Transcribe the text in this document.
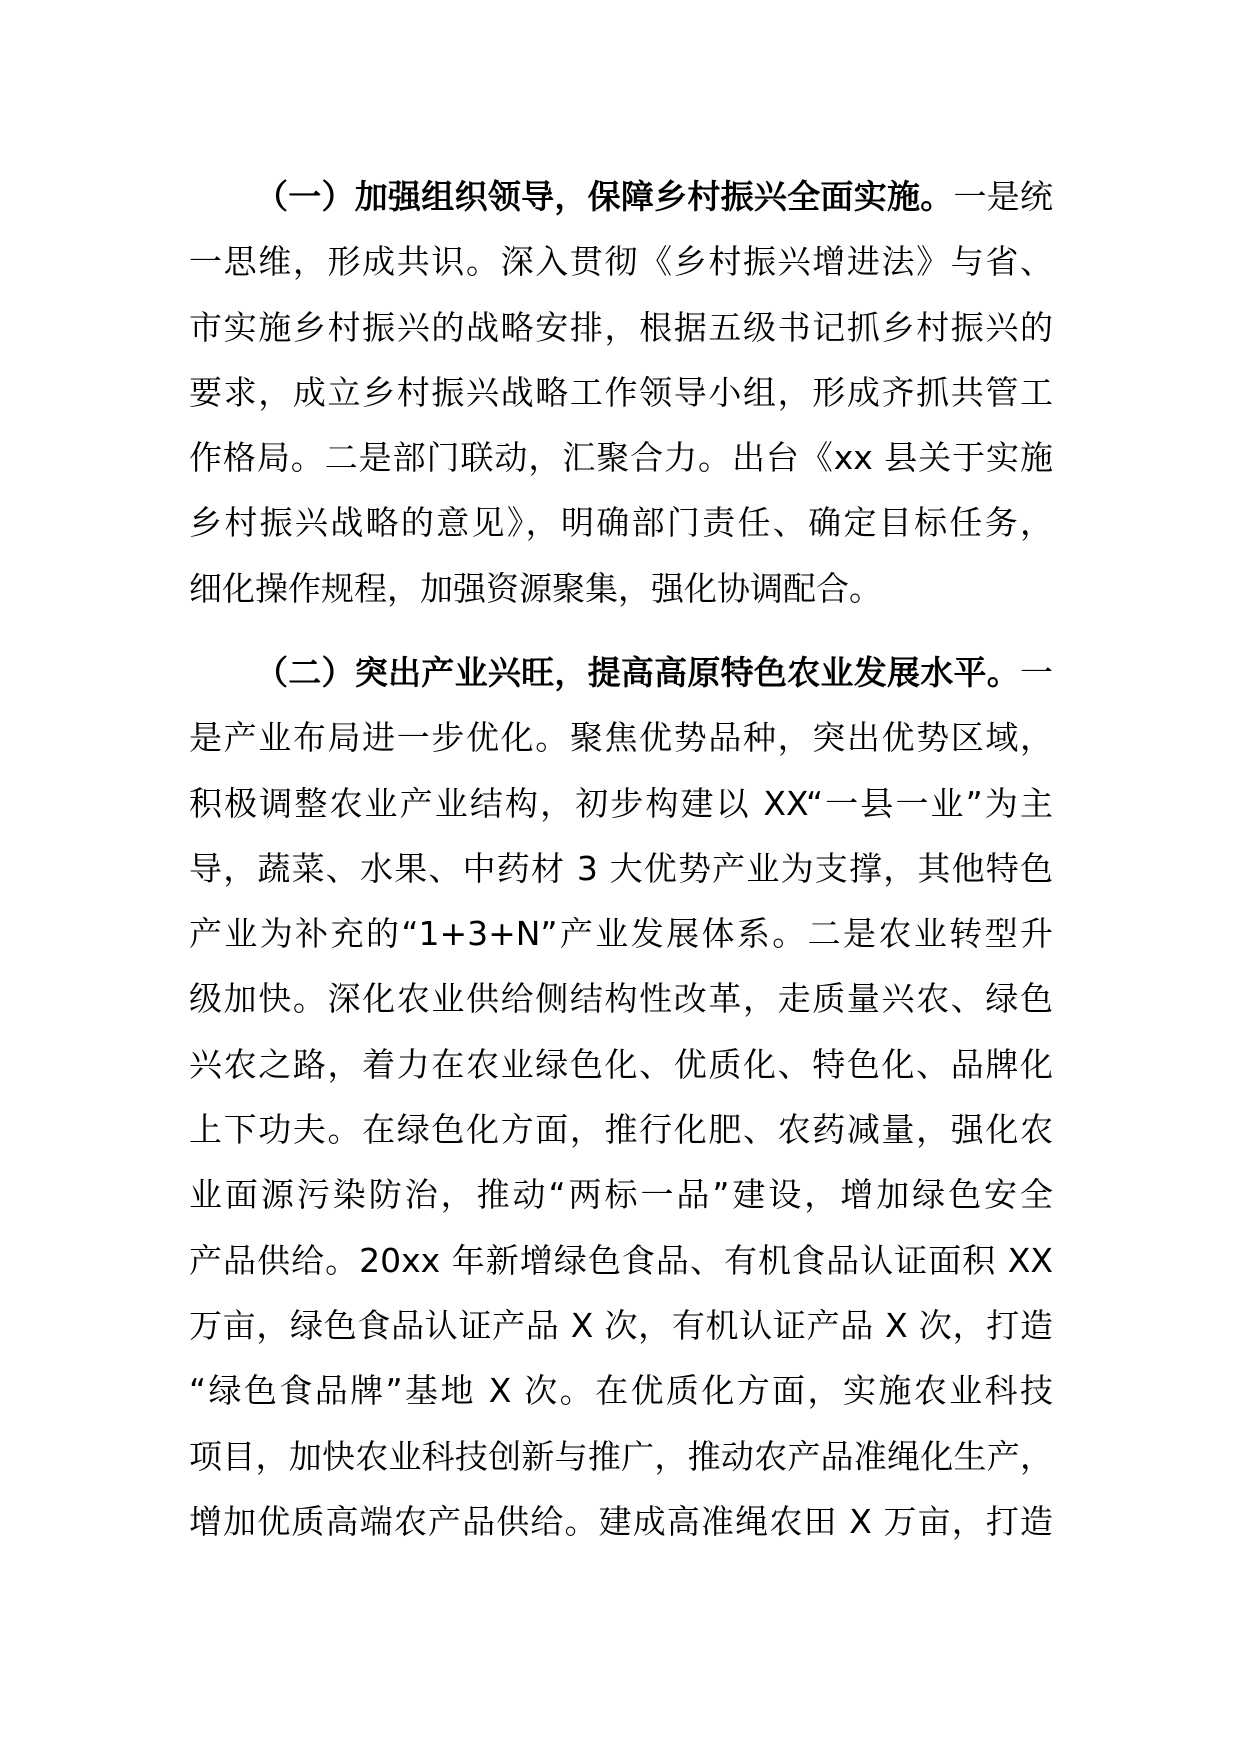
（一）加强组织领导，保障乡村振兴全面实施。一是统
一思维，形成共识。深入贯彻《乡村振兴增进法》与省、
市实施乡村振兴的战略安排，根据五级书记抓乡村振兴的
要求，成立乡村振兴战略工作领导小组，形成齐抓共管工
作格局。二是部门联动，汇聚合力。出台《xx 县关于实施
乡村振兴战略的意见》，明确部门责任、确定目标任务，
细化操作规程，加强资源聚集，强化协调配合。
（二）突出产业兴旺，提高高原特色农业发展水平。一
是产业布局进一步优化。聚焦优势品种，突出优势区域，
积极调整农业产业结构，初步构建以 XX“一县一业”为主
导，蔬菜、水果、中药材 3 大优势产业为支撑，其他特色
产业为补充的“1+3+N”产业发展体系。二是农业转型升
级加快。深化农业供给侧结构性改革，走质量兴农、绿色
兴农之路，着力在农业绿色化、优质化、特色化、品牌化
上下功夫。在绿色化方面，推行化肥、农药减量，强化农
业面源污染防治，推动“两标一品”建设，增加绿色安全
产品供给。20xx 年新增绿色食品、有机食品认证面积 XX
万亩，绿色食品认证产品 X 次，有机认证产品 X 次，打造
“绿色食品牌”基地 X 次。在优质化方面，实施农业科技
项目，加快农业科技创新与推广，推动农产品准绳化生产，
增加优质高端农产品供给。建成高准绳农田 X 万亩，打造
